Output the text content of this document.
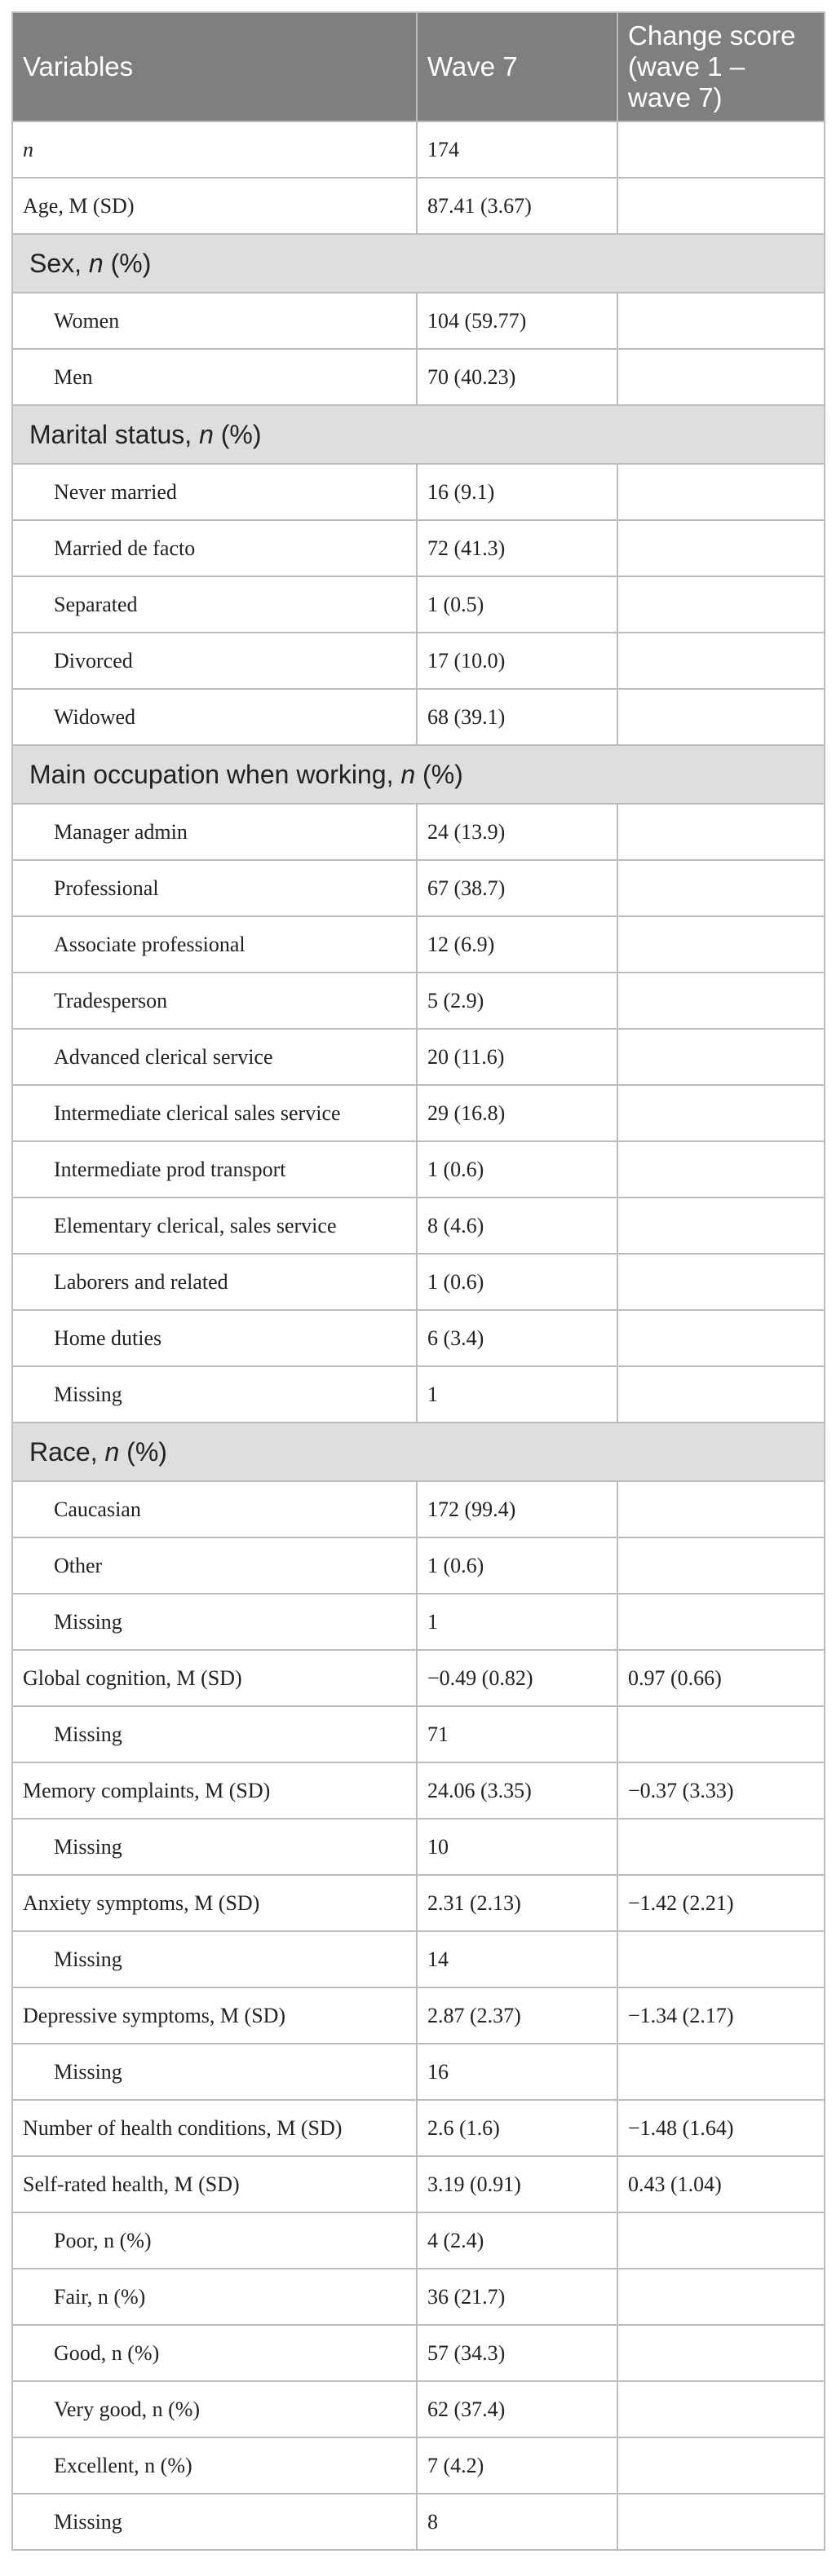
Variables	Wave 7	Change score (wave 1 – wave 7)
n	174	
Age, M (SD)	87.41 (3.67)	
Sex, n (%)		
Women	104 (59.77)	
Men	70 (40.23)	
Marital status, n (%)		
Never married	16 (9.1)	
Married de facto	72 (41.3)	
Separated	1 (0.5)	
Divorced	17 (10.0)	
Widowed	68 (39.1)	
Main occupation when working, n (%)		
Manager admin	24 (13.9)	
Professional	67 (38.7)	
Associate professional	12 (6.9)	
Tradesperson	5 (2.9)	
Advanced clerical service	20 (11.6)	
Intermediate clerical sales service	29 (16.8)	
Intermediate prod transport	1 (0.6)	
Elementary clerical, sales service	8 (4.6)	
Laborers and related	1 (0.6)	
Home duties	6 (3.4)	
Missing	1	
Race, n (%)		
Caucasian	172 (99.4)	
Other	1 (0.6)	
Missing	1	
Global cognition, M (SD)	−0.49 (0.82)	0.97 (0.66)
Missing	71	
Memory complaints, M (SD)	24.06 (3.35)	−0.37 (3.33)
Missing	10	
Anxiety symptoms, M (SD)	2.31 (2.13)	−1.42 (2.21)
Missing	14	
Depressive symptoms, M (SD)	2.87 (2.37)	−1.34 (2.17)
Missing	16	
Number of health conditions, M (SD)	2.6 (1.6)	−1.48 (1.64)
Self-rated health, M (SD)	3.19 (0.91)	0.43 (1.04)
Poor, n (%)	4 (2.4)	
Fair, n (%)	36 (21.7)	
Good, n (%)	57 (34.3)	
Very good, n (%)	62 (37.4)	
Excellent, n (%)	7 (4.2)	
Missing	8	
